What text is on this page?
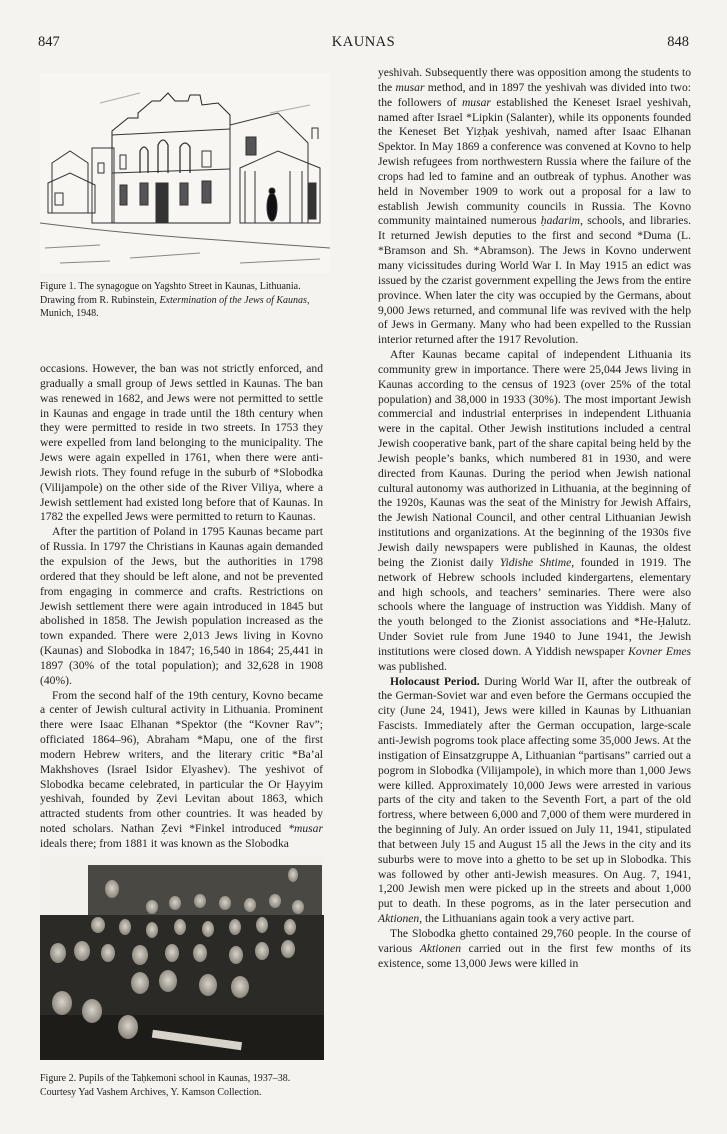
847	KAUNAS	848
Figure 1. The synagogue on Yagshto Street in Kaunas, Lithuania. Drawing from R. Rubinstein, Extermination of the Jews of Kaunas, Munich, 1948.

occasions. However, the ban was not strictly enforced, and gradually a small group of Jews settled in Kaunas. The ban was renewed in 1682, and Jews were not permitted to settle in Kaunas and engage in trade until the 18th century when they were permitted to reside in two streets. In 1753 they were expelled from land belonging to the municipality. The Jews were again expelled in 1761, when there were anti-Jewish riots. They found refuge in the suburb of *Slobodka (Vilijampole) on the other side of the River Viliya, where a Jewish settlement had existed long before that of Kaunas. In 1782 the expelled Jews were permitted to return to Kaunas.

After the partition of Poland in 1795 Kaunas became part of Russia. In 1797 the Christians in Kaunas again demanded the expulsion of the Jews, but the authorities in 1798 ordered that they should be left alone, and not be prevented from engaging in commerce and crafts. Restrictions on Jewish settlement there were again introduced in 1845 but abolished in 1858. The Jewish population increased as the town expanded. There were 2,013 Jews living in Kovno (Kaunas) and Slobodka in 1847; 16,540 in 1864; 25,441 in 1897 (30% of the total population); and 32,628 in 1908 (40%).

From the second half of the 19th century, Kovno became a center of Jewish cultural activity in Lithuania. Prominent there were Isaac Elhanan *Spektor (the “Kovner Rav”; officiated 1864–96), Abraham *Mapu, one of the first modern Hebrew writers, and the literary critic *Ba’al Makhshoves (Israel Isidor Elyashev). The yeshivot of Slobodka became celebrated, in particular the Or Ḥayyim yeshivah, founded by Ẓevi Levitan about 1863, which attracted students from other countries. It was headed by noted scholars. Nathan Ẓevi *Finkel introduced *musar ideals there; from 1881 it was known as the Slobodka

Figure 2. Pupils of the Taḥkemoni school in Kaunas, 1937–38.
Courtesy Yad Vashem Archives, Y. Kamson Collection.

yeshivah. Subsequently there was opposition among the students to the musar method, and in 1897 the yeshivah was divided into two: the followers of musar established the Keneset Israel yeshivah, named after Israel *Lipkin (Salanter), while its opponents founded the Keneset Bet Yiẓḥak yeshivah, named after Isaac Elhanan Spektor. In May 1869 a conference was convened at Kovno to help Jewish refugees from northwestern Russia where the failure of the crops had led to famine and an outbreak of typhus. Another was held in November 1909 to work out a proposal for a law to establish Jewish community councils in Russia. The Kovno community maintained numerous ḥadarim, schools, and libraries. It returned Jewish deputies to the first and second *Duma (L. *Bramson and Sh. *Abramson). The Jews in Kovno underwent many vicissitudes during World War I. In May 1915 an edict was issued by the czarist government expelling the Jews from the entire province. When later the city was occupied by the Germans, about 9,000 Jews returned, and communal life was revived with the help of Jews in Germany. Many who had been expelled to the Russian interior returned after the 1917 Revolution.

After Kaunas became capital of independent Lithuania its community grew in importance. There were 25,044 Jews living in Kaunas according to the census of 1923 (over 25% of the total population) and 38,000 in 1933 (30%). The most important Jewish commercial and industrial enterprises in independent Lithuania were in the capital. Other Jewish institutions included a central Jewish cooperative bank, part of the share capital being held by the Jewish people’s banks, which numbered 81 in 1930, and were directed from Kaunas. During the period when Jewish national cultural autonomy was authorized in Lithuania, at the beginning of the 1920s, Kaunas was the seat of the Ministry for Jewish Affairs, the Jewish National Council, and other central Lithuanian Jewish institutions and organizations. At the beginning of the 1930s five Jewish daily newspapers were published in Kaunas, the oldest being the Zionist daily Yidishe Shtime, founded in 1919. The network of Hebrew schools included kindergartens, elementary and high schools, and teachers’ seminaries. There were also schools where the language of instruction was Yiddish. Many of the youth belonged to the Zionist associations and *He-Ḥalutz. Under Soviet rule from June 1940 to June 1941, the Jewish institutions were closed down. A Yiddish newspaper Kovner Emes was published.

Holocaust Period. During World War II, after the outbreak of the German-Soviet war and even before the Germans occupied the city (June 24, 1941), Jews were killed in Kaunas by Lithuanian Fascists. Immediately after the German occupation, large-scale anti-Jewish pogroms took place affecting some 35,000 Jews. At the instigation of Einsatzgruppe A, Lithuanian “partisans” carried out a pogrom in Slobodka (Vilijampole), in which more than 1,000 Jews were killed. Approximately 10,000 Jews were arrested in various parts of the city and taken to the Seventh Fort, a part of the old fortress, where between 6,000 and 7,000 of them were murdered in the beginning of July. An order issued on July 11, 1941, stipulated that between July 15 and August 15 all the Jews in the city and its suburbs were to move into a ghetto to be set up in Slobodka. This was followed by other anti-Jewish measures. On Aug. 7, 1941, 1,200 Jewish men were picked up in the streets and about 1,000 put to death. In these pogroms, as in the later persecution and Aktionen, the Lithuanians again took a very active part.

The Slobodka ghetto contained 29,760 people. In the course of various Aktionen carried out in the first few months of its existence, some 13,000 Jews were killed in
